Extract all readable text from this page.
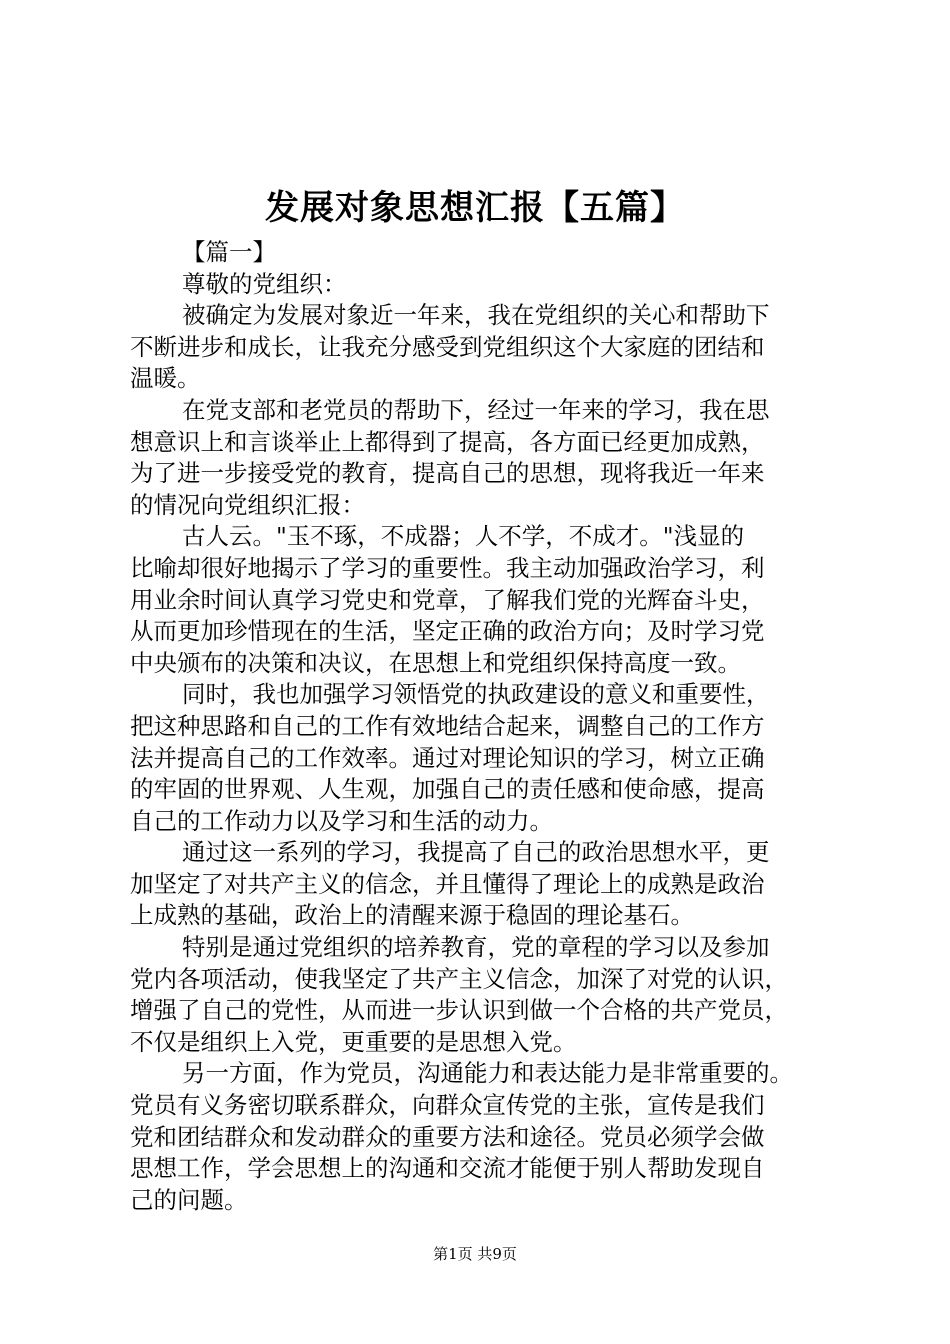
发展对象思想汇报【五篇】

【篇一】

尊敬的党组织：

被确定为发展对象近一年来，我在党组织的关心和帮助下

不断进步和成长，让我充分感受到党组织这个大家庭的团结和

温暖。

在党支部和老党员的帮助下，经过一年来的学习，我在思

想意识上和言谈举止上都得到了提高，各方面已经更加成熟，

为了进一步接受党的教育，提高自己的思想，现将我近一年来

的情况向党组织汇报：

古人云。"玉不琢，不成器；人不学，不成才。"浅显的

比喻却很好地揭示了学习的重要性。我主动加强政治学习，利

用业余时间认真学习党史和党章，了解我们党的光辉奋斗史，

从而更加珍惜现在的生活，坚定正确的政治方向；及时学习党

中央颁布的决策和决议，在思想上和党组织保持高度一致。

同时，我也加强学习领悟党的执政建设的意义和重要性，

把这种思路和自己的工作有效地结合起来，调整自己的工作方

法并提高自己的工作效率。通过对理论知识的学习，树立正确

的牢固的世界观、人生观，加强自己的责任感和使命感，提高

自己的工作动力以及学习和生活的动力。

通过这一系列的学习，我提高了自己的政治思想水平，更

加坚定了对共产主义的信念，并且懂得了理论上的成熟是政治

上成熟的基础，政治上的清醒来源于稳固的理论基石。

特别是通过党组织的培养教育，党的章程的学习以及参加

党内各项活动，使我坚定了共产主义信念，加深了对党的认识，

增强了自己的党性，从而进一步认识到做一个合格的共产党员，

不仅是组织上入党，更重要的是思想入党。

另一方面，作为党员，沟通能力和表达能力是非常重要的。

党员有义务密切联系群众，向群众宣传党的主张，宣传是我们

党和团结群众和发动群众的重要方法和途径。党员必须学会做

思想工作，学会思想上的沟通和交流才能便于别人帮助发现自

己的问题。

第1页 共9页
